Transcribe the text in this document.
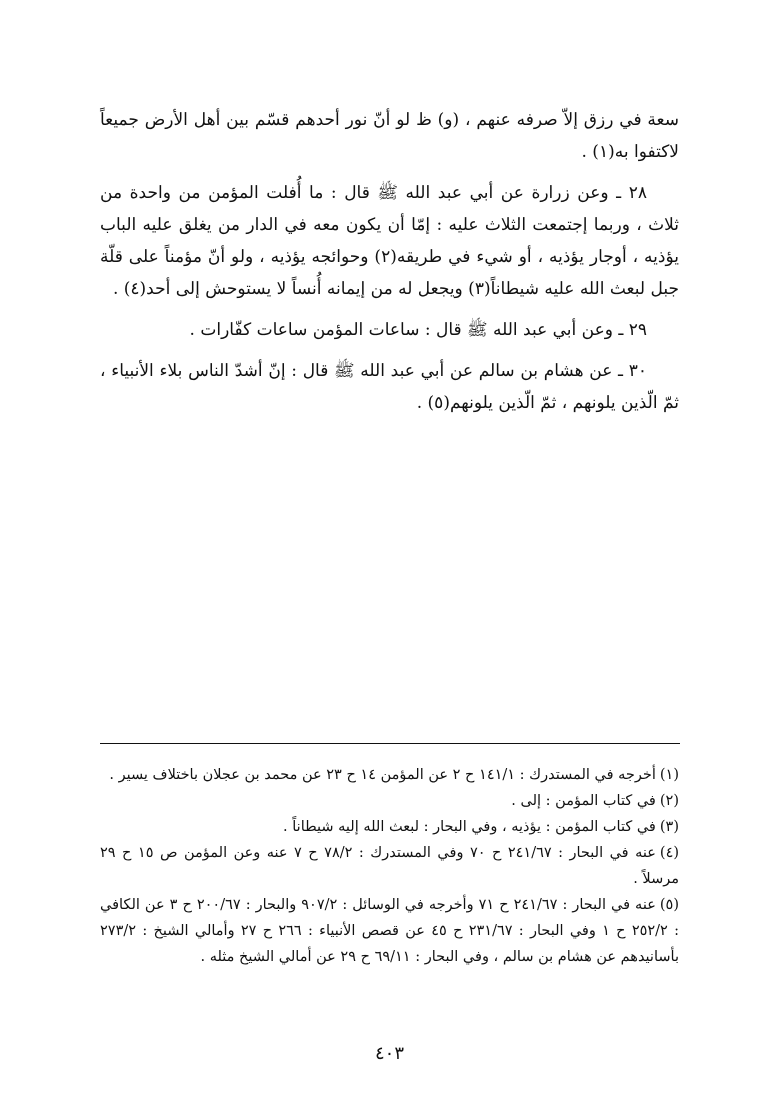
سعة في رزق إلاّ صرفه عنهم ، (و) ظ لو أنّ نور أحدهم قسّم بين أهل الأرض جميعاً لاكتفوا به(١) .

٢٨ ـ وعن زرارة عن أبي عبد الله ﷺ قال : ما أُفلت المؤمن من واحدة من ثلاث ، وربما إجتمعت الثلاث عليه : إمّا أن يكون معه في الدار من يغلق عليه الباب يؤذيه ، أوجار يؤذيه ، أو شيء في طريقه(٢) وحوائجه يؤذيه ، ولو أنّ مؤمناً على قلّة جبل لبعث الله عليه شيطاناً(٣) ويجعل له من إيمانه أُنساً لا يستوحش إلى أحد(٤) .

٢٩ ـ وعن أبي عبد الله ﷺ قال : ساعات المؤمن ساعات كفّارات .

٣٠ ـ عن هشام بن سالم عن أبي عبد الله ﷺ قال : إنّ أشدّ الناس بلاء الأنبياء ، ثمّ الّذين يلونهم ، ثمّ الّذين يلونهم(٥) .

(١)أخرجه في المستدرك : ١٤١/١ ح ٢ عن المؤمن ١٤ ح ٢٣ عن محمد بن عجلان باختلاف يسير .

(٢)في كتاب المؤمن : إلى .

(٣)في كتاب المؤمن : يؤذيه ، وفي البحار : لبعث الله إليه شيطاناً .

(٤)عنه في البحار : ٢٤١/٦٧ ح ٧٠ وفي المستدرك : ٧٨/٢ ح ٧ عنه وعن المؤمن ص ١٥ ح ٢٩ مرسلاً .

(٥)عنه في البحار : ٢٤١/٦٧ ح ٧١ وأخرجه في الوسائل : ٩٠٧/٢ والبحار : ٢٠٠/٦٧ ح ٣ عن الكافي : ٢٥٢/٢ ح ١ وفي البحار : ٢٣١/٦٧ ح ٤٥ عن قصص الأنبياء : ٢٦٦ ح ٢٧ وأمالي الشيخ : ٢٧٣/٢ بأسانيدهم عن هشام بن سالم ، وفي البحار : ٦٩/١١ ح ٢٩ عن أمالي الشيخ مثله .

٤٠٣
